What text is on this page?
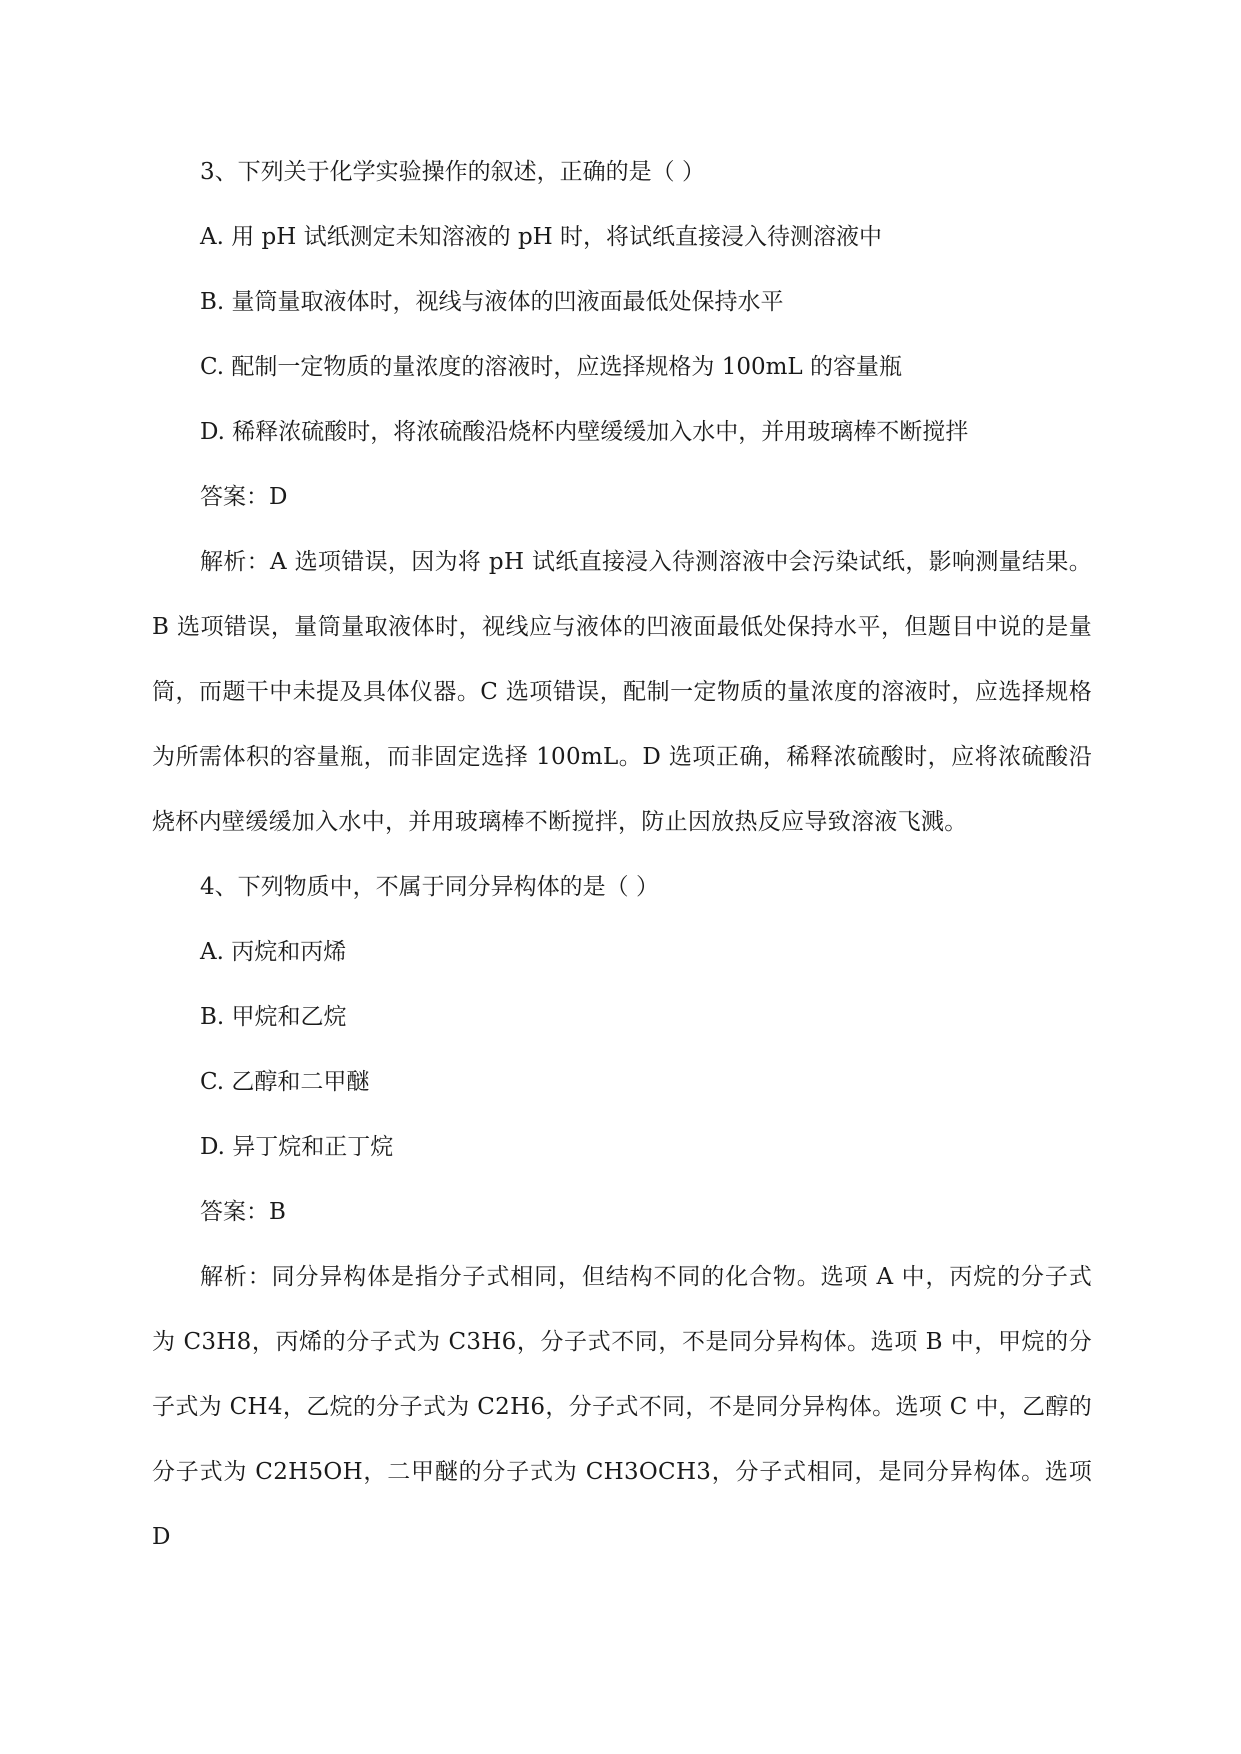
3、下列关于化学实验操作的叙述，正确的是（ ）

A. 用 pH 试纸测定未知溶液的 pH 时，将试纸直接浸入待测溶液中

B. 量筒量取液体时，视线与液体的凹液面最低处保持水平

C. 配制一定物质的量浓度的溶液时，应选择规格为 100mL 的容量瓶

D. 稀释浓硫酸时，将浓硫酸沿烧杯内壁缓缓加入水中，并用玻璃棒不断搅拌

答案：D

解析：A 选项错误，因为将 pH 试纸直接浸入待测溶液中会污染试纸，影响测量结果。B 选项错误，量筒量取液体时，视线应与液体的凹液面最低处保持水平，但题目中说的是量筒，而题干中未提及具体仪器。C 选项错误，配制一定物质的量浓度的溶液时，应选择规格为所需体积的容量瓶，而非固定选择 100mL。D 选项正确，稀释浓硫酸时，应将浓硫酸沿烧杯内壁缓缓加入水中，并用玻璃棒不断搅拌，防止因放热反应导致溶液飞溅。

4、下列物质中，不属于同分异构体的是（ ）

A. 丙烷和丙烯

B. 甲烷和乙烷

C. 乙醇和二甲醚

D. 异丁烷和正丁烷

答案：B

解析：同分异构体是指分子式相同，但结构不同的化合物。选项 A 中，丙烷的分子式为 C3H8，丙烯的分子式为 C3H6，分子式不同，不是同分异构体。选项 B 中，甲烷的分子式为 CH4，乙烷的分子式为 C2H6，分子式不同，不是同分异构体。选项 C 中，乙醇的分子式为 C2H5OH，二甲醚的分子式为 CH3OCH3，分子式相同，是同分异构体。选项 D
